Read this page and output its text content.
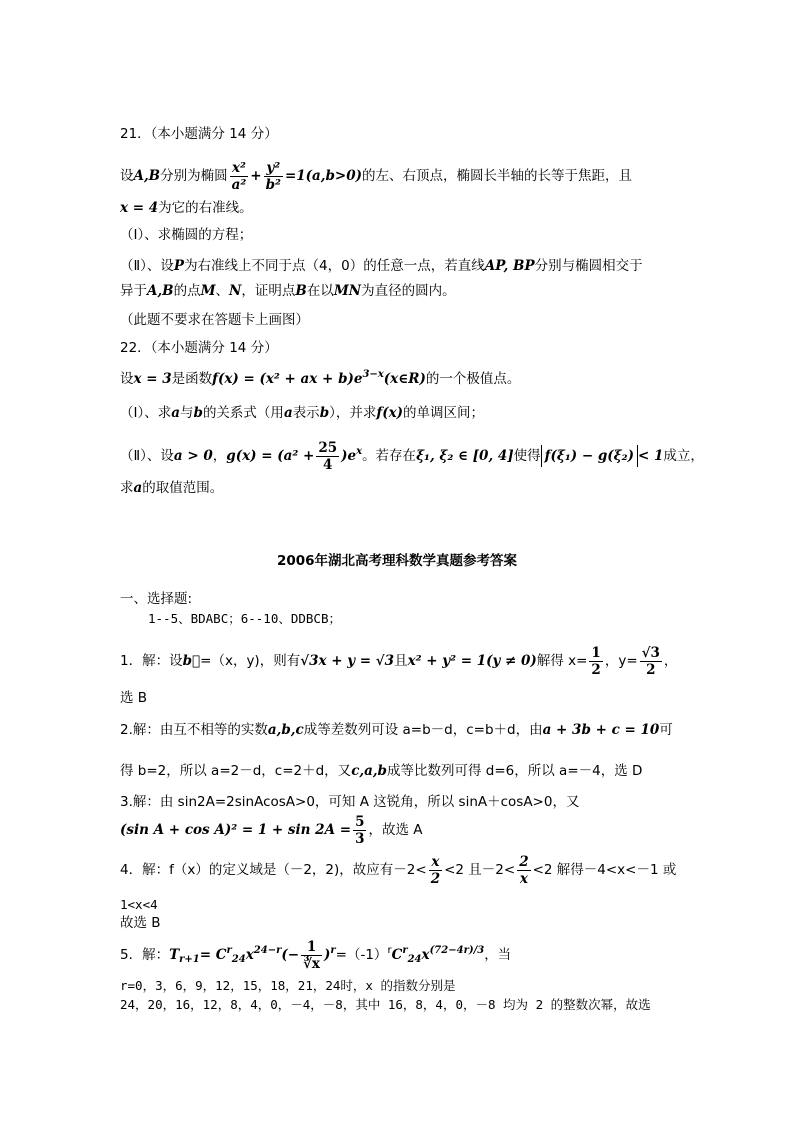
21．（本小题满分 14 分）
设A,B分别为椭圆 $\frac{\text{x²}}{\text{a²}} + \frac{\text{y²}}{\text{b²}} =1(a,b>0)$的左、右顶点，椭圆长半轴的长等于焦距，且
x = 4为它的右准线。
（Ⅰ）、求椭圆的方程；
（Ⅱ）、设P为右准线上不同于点（4，0）的任意一点，若直线AP, BP分别与椭圆相交于
异于A,B的点M、N，证明点B在以MN为直径的圆内。
（此题不要求在答题卡上画图）
22．（本小题满分 14 分）
设x = 3是函数f(x) = (x² + ax + $b)e^{3-x}(x\in R)$的一个极值点。
（Ⅰ）、求a与b的关系式（用a表示b），并求f(x)的单调区间；
（Ⅱ）、设a > 0，$g(x) = (a^2 + \frac{25}{4} )e^x$。若存在ξ₁, ξ₂ ∈ [0, 4]使得 f(ξ₁) − g(ξ₂) < 1成立，
求a的取值范围。
2006年湖北高考理科数学真题参考答案
一、选择题:
1--5、BDABC；6--10、DDBCB；
1．解：设b⃗=（x，y)，则有√3x + y = √3且x² + y² = 1(y ≠ 0)解得 $x= \frac{1}{2}$ ，$y= \frac{√3}{2}$ ，
选 B
2.解：由互不相等的实数a,b,c成等差数列可设 a=b－d，c=b＋d，由a + 3b + c = 10可
得 b=2，所以 a=2－d，c=2＋d，又c,a,b成等比数列可得 d=6，所以 a=－4，选 D
3.解：由 sin2A=2sinAcosA>0，可知 A 这锐角，所以 sinA＋cosA>0，又
(sin $A + \cos A)^2 = 1 + \sin 2A = \frac{5}{3}$ ，故选 A
4．解：f（x）的定义域是（－2，2)，故应有$-2< \frac{x}{2} <2$ 且$-2< \frac{2}{x} <2$ 解得－4<x<－1 或
1<x<4
故选 B
5．解：$T_{r+1}= C^r_{24}x^{24-r}(- \frac{1}{∛x} )^r=(-1)^rC^r_{24}x^{(72-4r)/3}$，当
r=0，3，6，9，12，15，18，21，24时，x 的指数分别是
24，20，16，12，8，4，0，－4，－8，其中 16，8，4，0，－8 均为 2 的整数次幂，故选
